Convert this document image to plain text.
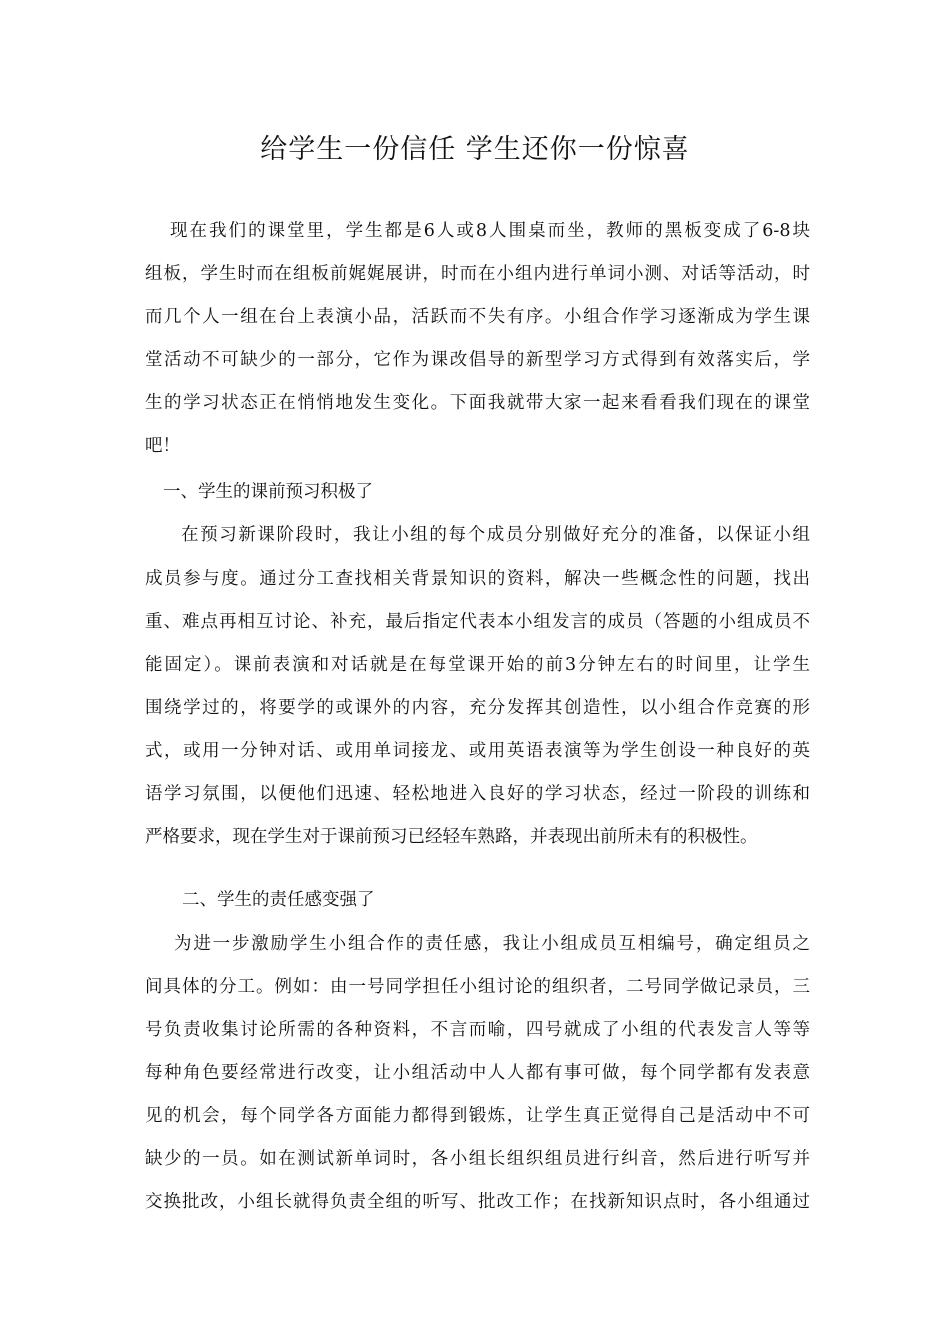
给学生一份信任 学生还你一份惊喜
现在我们的课堂里，学生都是6人或8人围桌而坐，教师的黑板变成了6-8块
组板，学生时而在组板前娓娓展讲，时而在小组内进行单词小测、对话等活动，时
而几个人一组在台上表演小品，活跃而不失有序。小组合作学习逐渐成为学生课
堂活动不可缺少的一部分，它作为课改倡导的新型学习方式得到有效落实后，学
生的学习状态正在悄悄地发生变化。下面我就带大家一起来看看我们现在的课堂
吧！
一、学生的课前预习积极了
在预习新课阶段时，我让小组的每个成员分别做好充分的准备，以保证小组
成员参与度。通过分工查找相关背景知识的资料，解决一些概念性的问题，找出
重、难点再相互讨论、补充，最后指定代表本小组发言的成员（答题的小组成员不
能固定）。课前表演和对话就是在每堂课开始的前3分钟左右的时间里，让学生
围绕学过的，将要学的或课外的内容，充分发挥其创造性，以小组合作竞赛的形
式，或用一分钟对话、或用单词接龙、或用英语表演等为学生创设一种良好的英
语学习氛围，以便他们迅速、轻松地进入良好的学习状态，经过一阶段的训练和
严格要求，现在学生对于课前预习已经轻车熟路，并表现出前所未有的积极性。
二、学生的责任感变强了
为进一步激励学生小组合作的责任感，我让小组成员互相编号，确定组员之
间具体的分工。例如：由一号同学担任小组讨论的组织者，二号同学做记录员，三
号负责收集讨论所需的各种资料，不言而喻，四号就成了小组的代表发言人等等
每种角色要经常进行改变，让小组活动中人人都有事可做，每个同学都有发表意
见的机会，每个同学各方面能力都得到锻炼，让学生真正觉得自己是活动中不可
缺少的一员。如在测试新单词时，各小组长组织组员进行纠音，然后进行听写并
交换批改，小组长就得负责全组的听写、批改工作；在找新知识点时，各小组通过
